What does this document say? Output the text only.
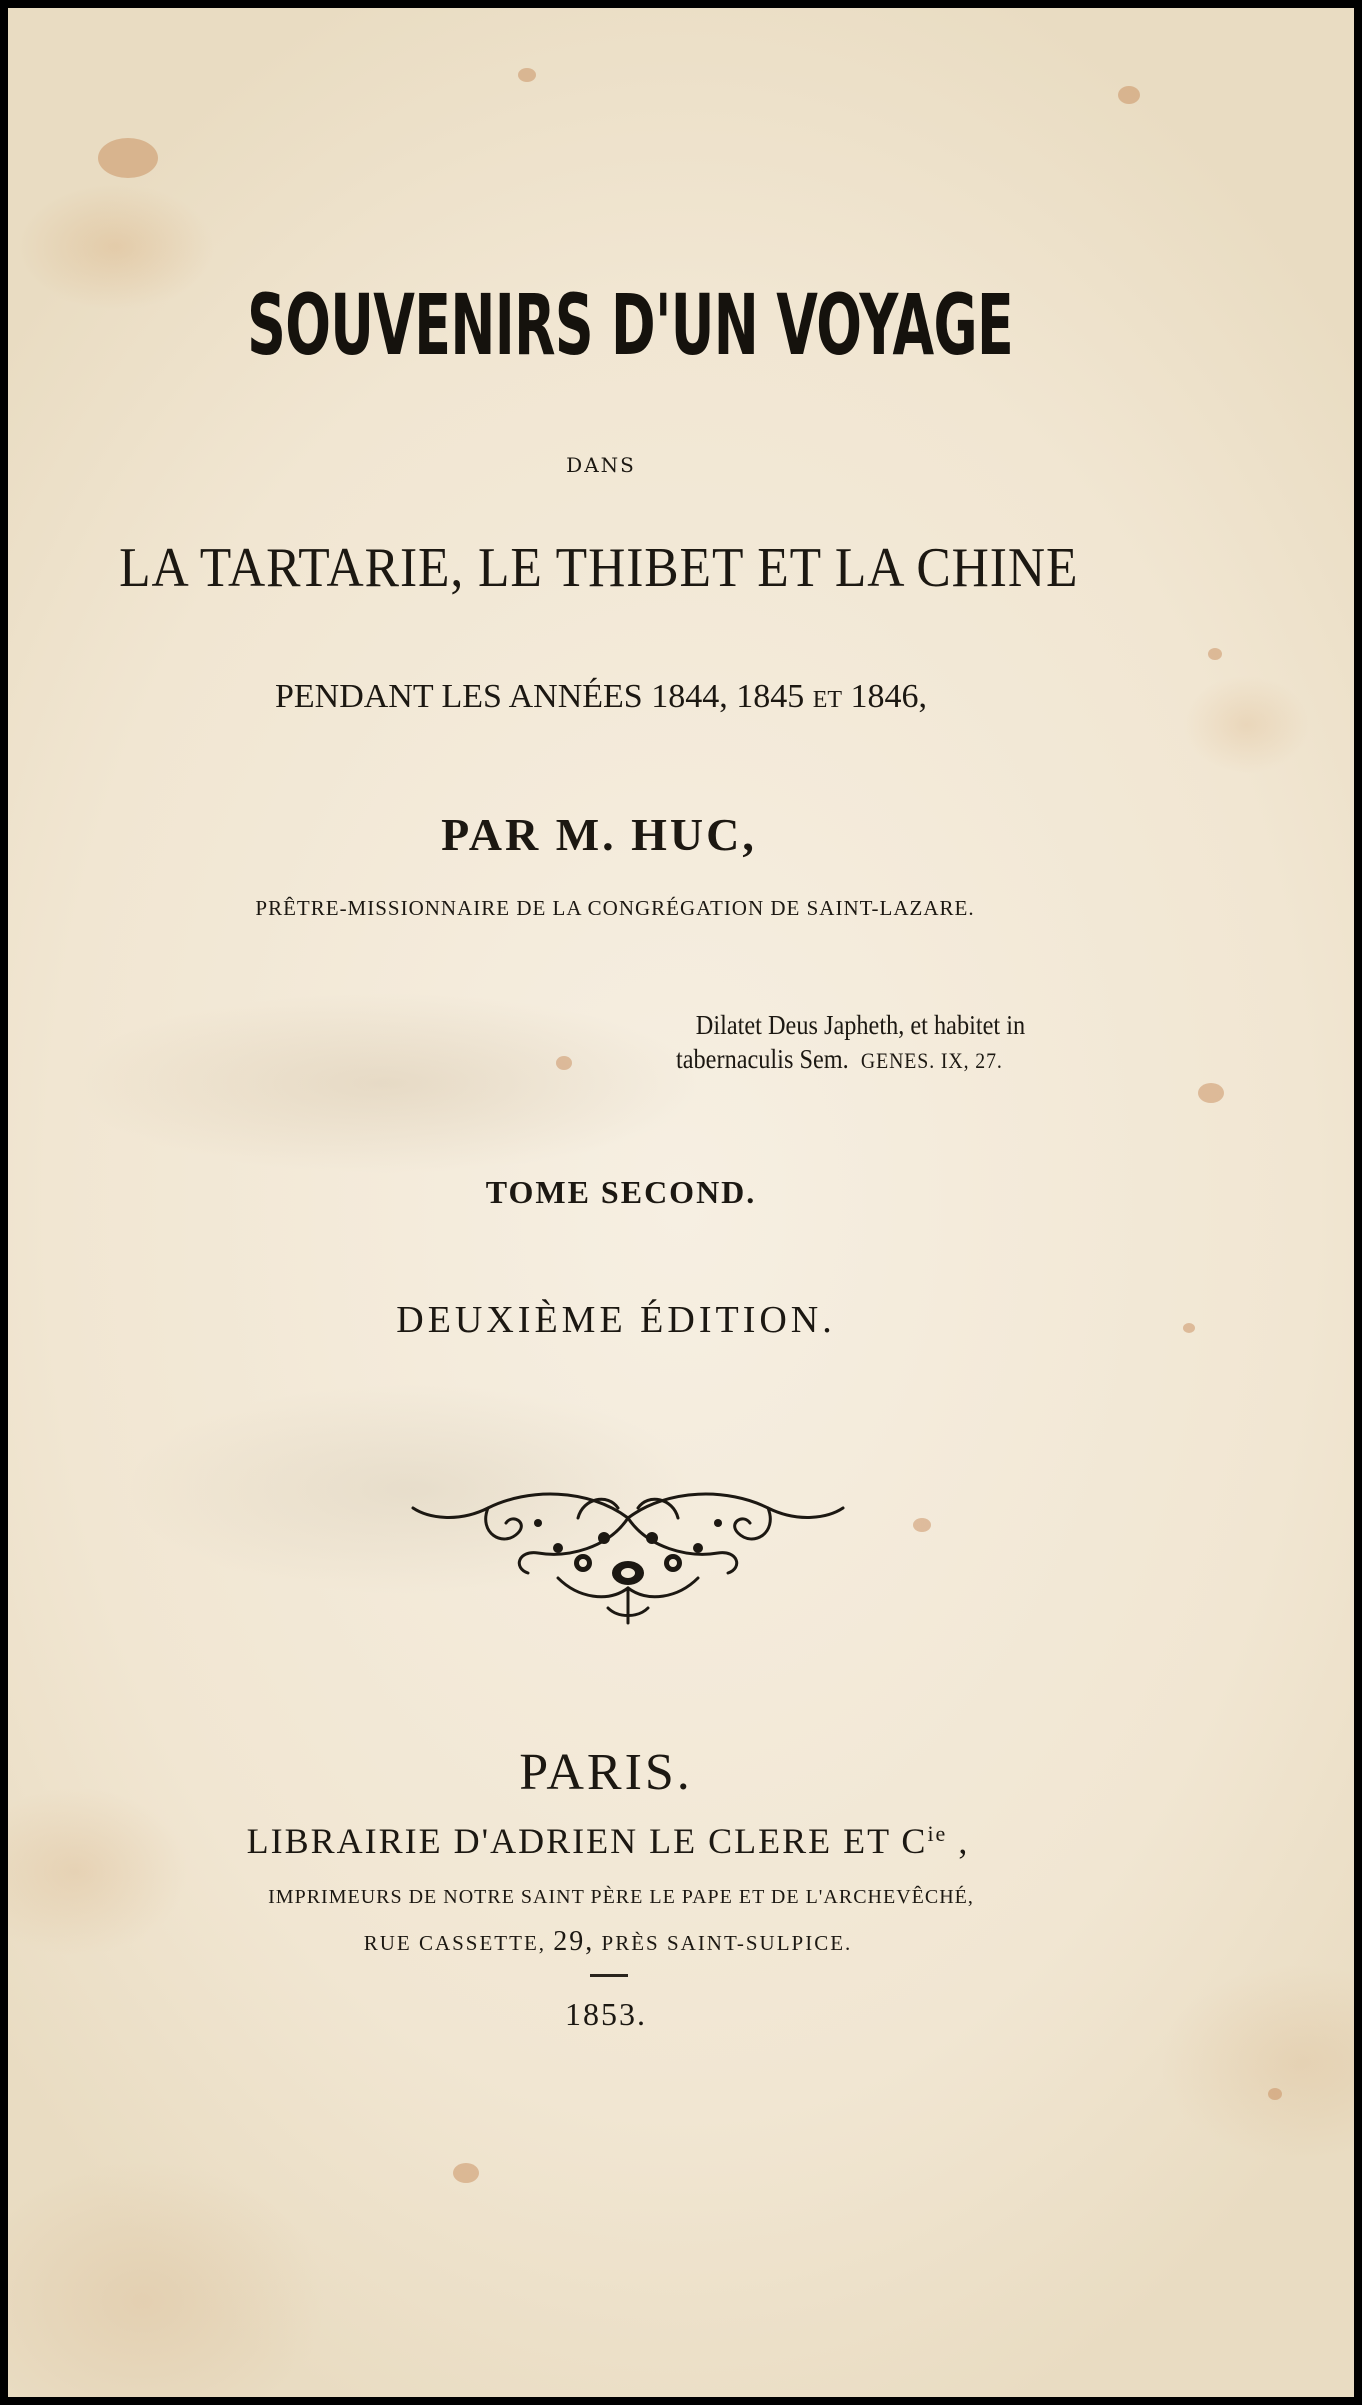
SOUVENIRS D'UN VOYAGE
DANS
LA TARTARIE, LE THIBET ET LA CHINE
PENDANT LES ANNÉES 1844, 1845 ET 1846,
PAR M. HUC,
PRÊTRE-MISSIONNAIRE DE LA CONGRÉGATION DE SAINT-LAZARE.
Dilatet Deus Japheth, et habitet in
tabernaculis Sem. GENES. IX, 27.
TOME SECOND.
DEUXIÈME ÉDITION.
PARIS.
LIBRAIRIE D'ADRIEN LE CLERE ET $C^{ie}$ ,
IMPRIMEURS DE NOTRE SAINT PÈRE LE PAPE ET DE L'ARCHEVÊCHÉ,
RUE CASSETTE, 29, PRÈS SAINT-SULPICE.
1853.
